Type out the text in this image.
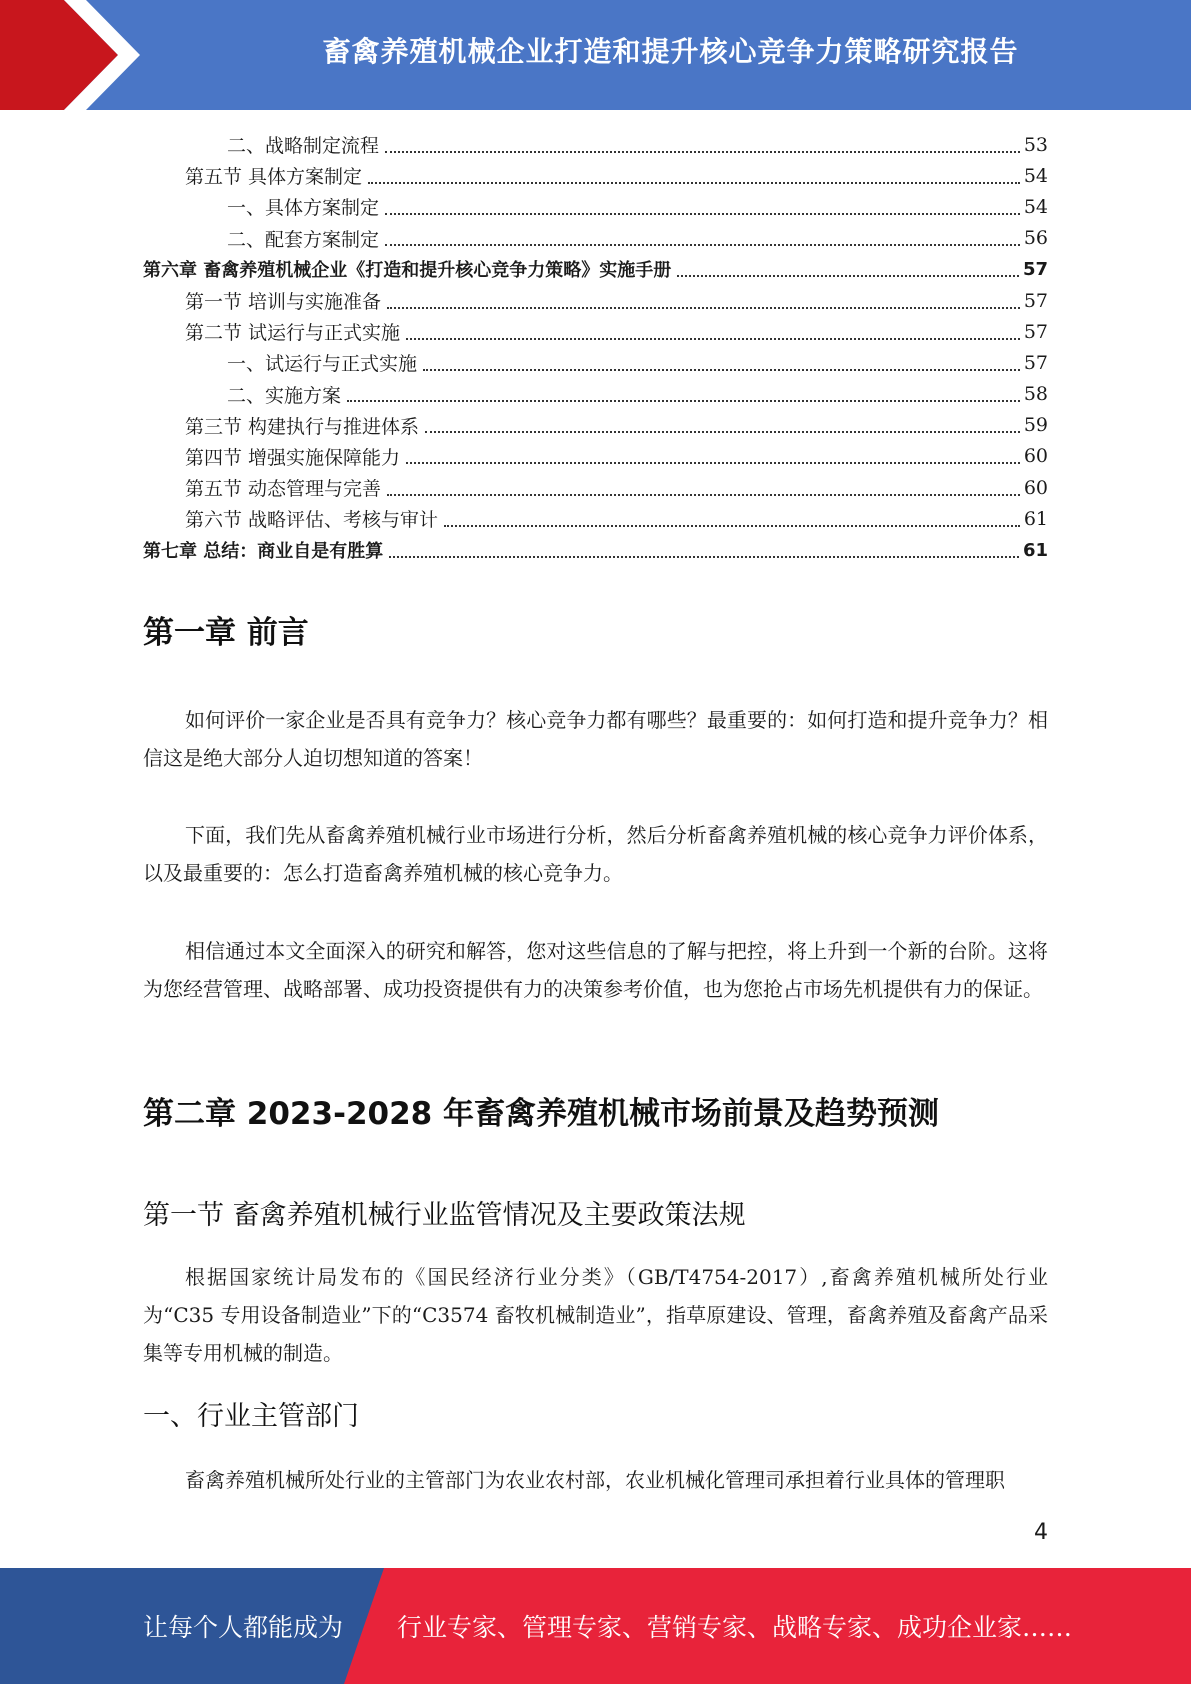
畜禽养殖机械企业打造和提升核心竞争力策略研究报告
二、战略制定流程	53
第五节 具体方案制定	54
一、具体方案制定	54
二、配套方案制定	56
第六章 畜禽养殖机械企业《打造和提升核心竞争力策略》实施手册	57
第一节 培训与实施准备	57
第二节 试运行与正式实施	57
一、试运行与正式实施	57
二、实施方案	58
第三节 构建执行与推进体系	59
第四节 增强实施保障能力	60
第五节 动态管理与完善	60
第六节 战略评估、考核与审计	61
第七章 总结：商业自是有胜算	61
第一章 前言
如何评价一家企业是否具有竞争力？核心竞争力都有哪些？最重要的：如何打造和提升竞争力？相信这是绝大部分人迫切想知道的答案！
下面，我们先从畜禽养殖机械行业市场进行分析，然后分析畜禽养殖机械的核心竞争力评价体系，以及最重要的：怎么打造畜禽养殖机械的核心竞争力。
相信通过本文全面深入的研究和解答，您对这些信息的了解与把控，将上升到一个新的台阶。这将为您经营管理、战略部署、成功投资提供有力的决策参考价值，也为您抢占市场先机提供有力的保证。
第二章 2023-2028 年畜禽养殖机械市场前景及趋势预测
第一节 畜禽养殖机械行业监管情况及主要政策法规
根据国家统计局发布的《国民经济行业分类》（GB/T4754-2017）,畜禽养殖机械所处行业为“C35 专用设备制造业”下的“C3574 畜牧机械制造业”，指草原建设、管理，畜禽养殖及畜禽产品采集等专用机械的制造。
一、行业主管部门
畜禽养殖机械所处行业的主管部门为农业农村部，农业机械化管理司承担着行业具体的管理职
4
让每个人都能成为 行业专家、管理专家、营销专家、战略专家、成功企业家……
